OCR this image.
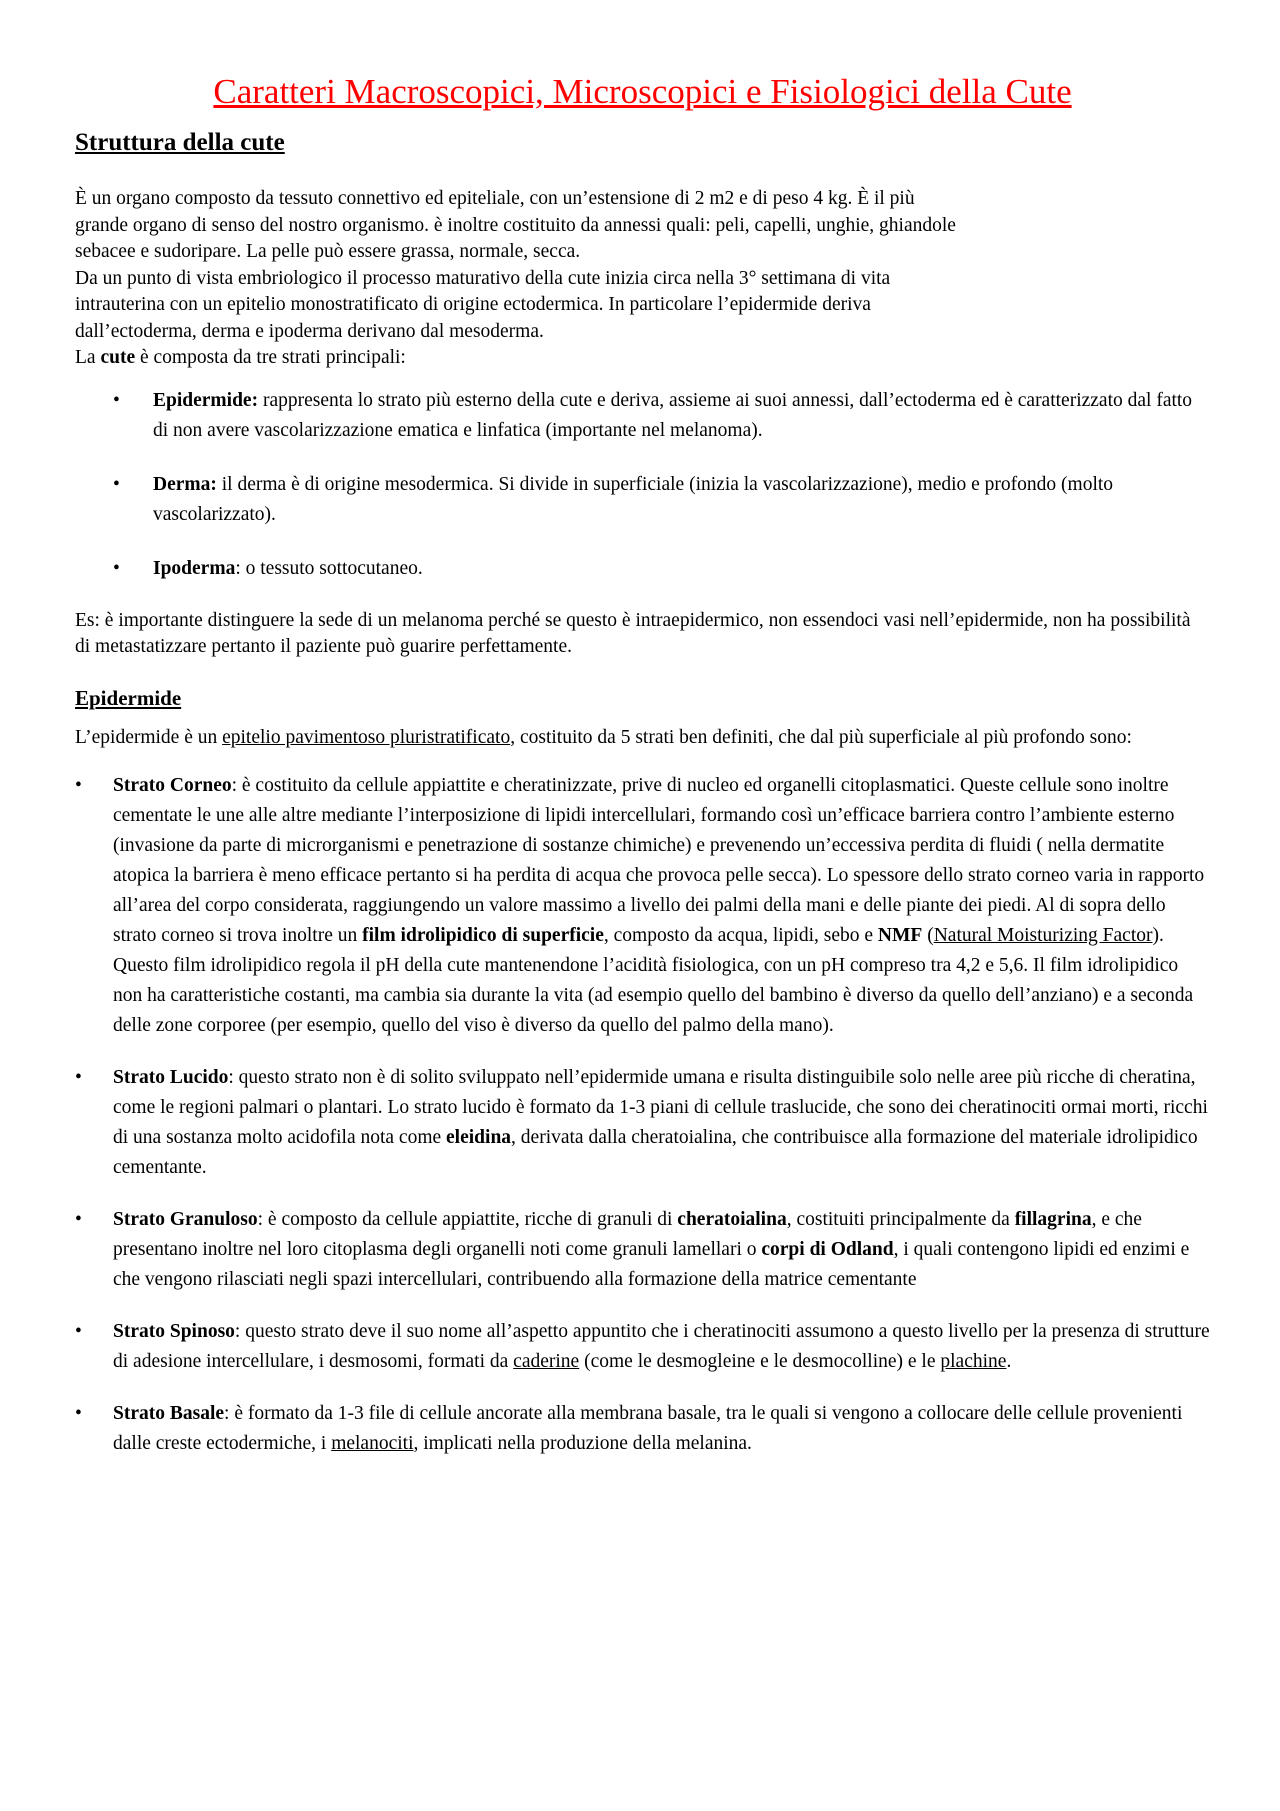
Caratteri Macroscopici, Microscopici e Fisiologici della Cute
Struttura della cute
È un organo composto da tessuto connettivo ed epiteliale, con un’estensione di 2 m2 e di peso 4 kg. È il più
grande organo di senso del nostro organismo. è inoltre costituito da annessi quali: peli, capelli, unghie, ghiandole
sebacee e sudoripare. La pelle può essere grassa, normale, secca.
Da un punto di vista embriologico il processo maturativo della cute inizia circa nella 3° settimana di vita
intrauterina con un epitelio monostratificato di origine ectodermica. In particolare l’epidermide deriva
dall’ectoderma, derma e ipoderma derivano dal mesoderma.
La cute è composta da tre strati principali:
• Epidermide: rappresenta lo strato più esterno della cute e deriva, assieme ai suoi annessi, dall’ectoderma ed è caratterizzato dal fatto di non avere vascolarizzazione ematica e linfatica (importante nel melanoma).
• Derma: il derma è di origine mesodermica. Si divide in superficiale (inizia la vascolarizzazione), medio e profondo (molto vascolarizzato).
• Ipoderma: o tessuto sottocutaneo.

Es: è importante distinguere la sede di un melanoma perché se questo è intraepidermico, non essendoci vasi nell’epidermide, non ha possibilità di metastatizzare pertanto il paziente può guarire perfettamente.

Epidermide

L’epidermide è un epitelio pavimentoso pluristratificato, costituito da 5 strati ben definiti, che dal più superficiale al più profondo sono:

• Strato Corneo: è costituito da cellule appiattite e cheratinizzate, prive di nucleo ed organelli citoplasmatici. Queste cellule sono inoltre cementate le une alle altre mediante l’interposizione di lipidi intercellulari, formando così un’efficace barriera contro l’ambiente esterno (invasione da parte di microrganismi e penetrazione di sostanze chimiche) e prevenendo un’eccessiva perdita di fluidi ( nella dermatite atopica la barriera è meno efficace pertanto si ha perdita di acqua che provoca pelle secca). Lo spessore dello strato corneo varia in rapporto all’area del corpo considerata, raggiungendo un valore massimo a livello dei palmi della mani e delle piante dei piedi. Al di sopra dello strato corneo si trova inoltre un film idrolipidico di superficie, composto da acqua, lipidi, sebo e NMF (Natural Moisturizing Factor). Questo film idrolipidico regola il pH della cute mantenendone l’acidità fisiologica, con un pH compreso tra 4,2 e 5,6. Il film idrolipidico non ha caratteristiche costanti, ma cambia sia durante la vita (ad esempio quello del bambino è diverso da quello dell’anziano) e a seconda delle zone corporee (per esempio, quello del viso è diverso da quello del palmo della mano).
• Strato Lucido: questo strato non è di solito sviluppato nell’epidermide umana e risulta distinguibile solo nelle aree più ricche di cheratina, come le regioni palmari o plantari. Lo strato lucido è formato da 1-3 piani di cellule traslucide, che sono dei cheratinociti ormai morti, ricchi di una sostanza molto acidofila nota come eleidina, derivata dalla cheratoialina, che contribuisce alla formazione del materiale idrolipidico cementante.
• Strato Granuloso: è composto da cellule appiattite, ricche di granuli di cheratoialina, costituiti principalmente da fillagrina, e che presentano inoltre nel loro citoplasma degli organelli noti come granuli lamellari o corpi di Odland, i quali contengono lipidi ed enzimi e che vengono rilasciati negli spazi intercellulari, contribuendo alla formazione della matrice cementante
• Strato Spinoso: questo strato deve il suo nome all’aspetto appuntito che i cheratinociti assumono a questo livello per la presenza di strutture di adesione intercellulare, i desmosomi, formati da caderine (come le desmogleine e le desmocolline) e le plachine.
• Strato Basale: è formato da 1-3 file di cellule ancorate alla membrana basale, tra le quali si vengono a collocare delle cellule provenienti dalle creste ectodermiche, i melanociti, implicati nella produzione della melanina.
